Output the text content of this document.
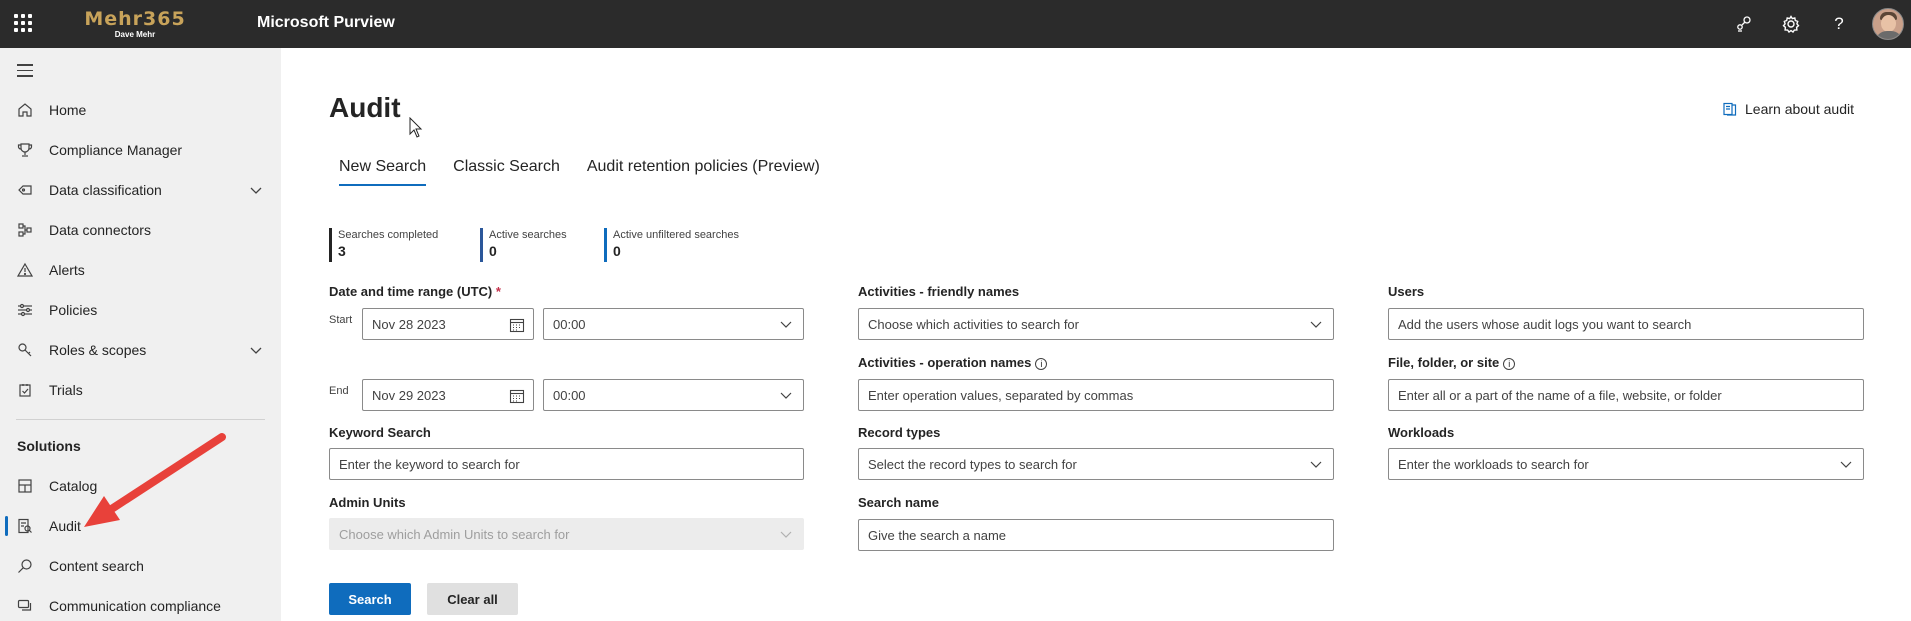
Mehr365
Dave Mehr
Microsoft Purview	?
Home
Compliance Manager
Data classification
Data connectors
Alerts
Policies
Roles & scopes
Trials
Solutions
Catalog
Audit
Content search
Communication compliance
Audit	Learn about audit
New Search Classic Search Audit retention policies (Preview)
Searches completed
3
Active searches
0
Active unfiltered searches
0
Date and time range (UTC) *
Start Nov 28 2023	00:00
End Nov 29 2023	00:00
Keyword Search
Enter the keyword to search for
Admin Units
Choose which Admin Units to search for
Activities - friendly names
Choose which activities to search for
Activities - operation names i
Enter operation values, separated by commas
Record types
Select the record types to search for
Search name
Give the search a name
Users
Add the users whose audit logs you want to search
File, folder, or site i
Enter all or a part of the name of a file, website, or folder
Workloads
Enter the workloads to search for
Search	Clear all
